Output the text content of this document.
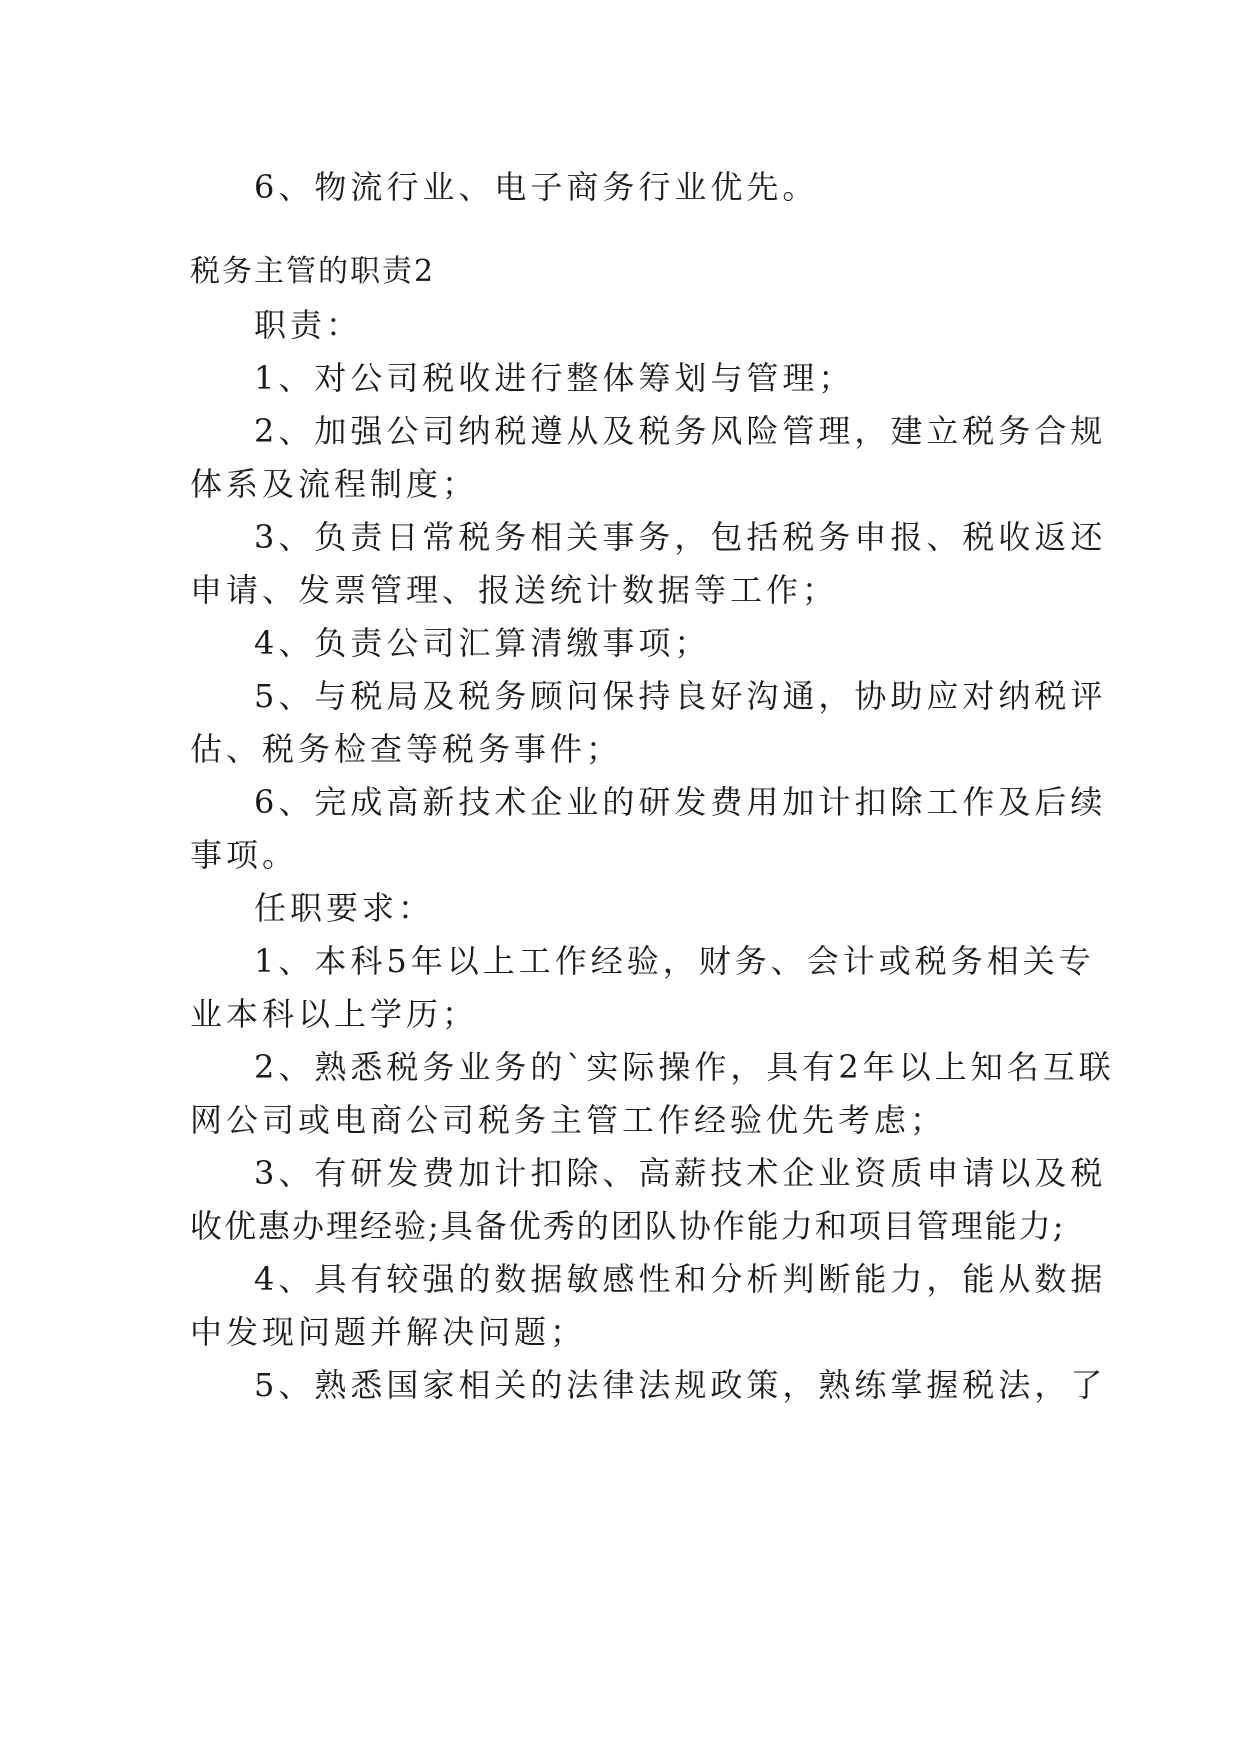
6、物流行业、电子商务行业优先。
税务主管的职责2
职责：
1、对公司税收进行整体筹划与管理；
2、加强公司纳税遵从及税务风险管理，建立税务合规
体系及流程制度；
3、负责日常税务相关事务，包括税务申报、税收返还
申请、发票管理、报送统计数据等工作；
4、负责公司汇算清缴事项；
5、与税局及税务顾问保持良好沟通，协助应对纳税评
估、税务检查等税务事件；
6、完成高新技术企业的研发费用加计扣除工作及后续
事项。
任职要求：
1、本科5年以上工作经验，财务、会计或税务相关专
业本科以上学历；
2、熟悉税务业务的`实际操作，具有2年以上知名互联
网公司或电商公司税务主管工作经验优先考虑；
3、有研发费加计扣除、高薪技术企业资质申请以及税
收优惠办理经验;具备优秀的团队协作能力和项目管理能力;
4、具有较强的数据敏感性和分析判断能力，能从数据
中发现问题并解决问题；
5、熟悉国家相关的法律法规政策，熟练掌握税法，了
